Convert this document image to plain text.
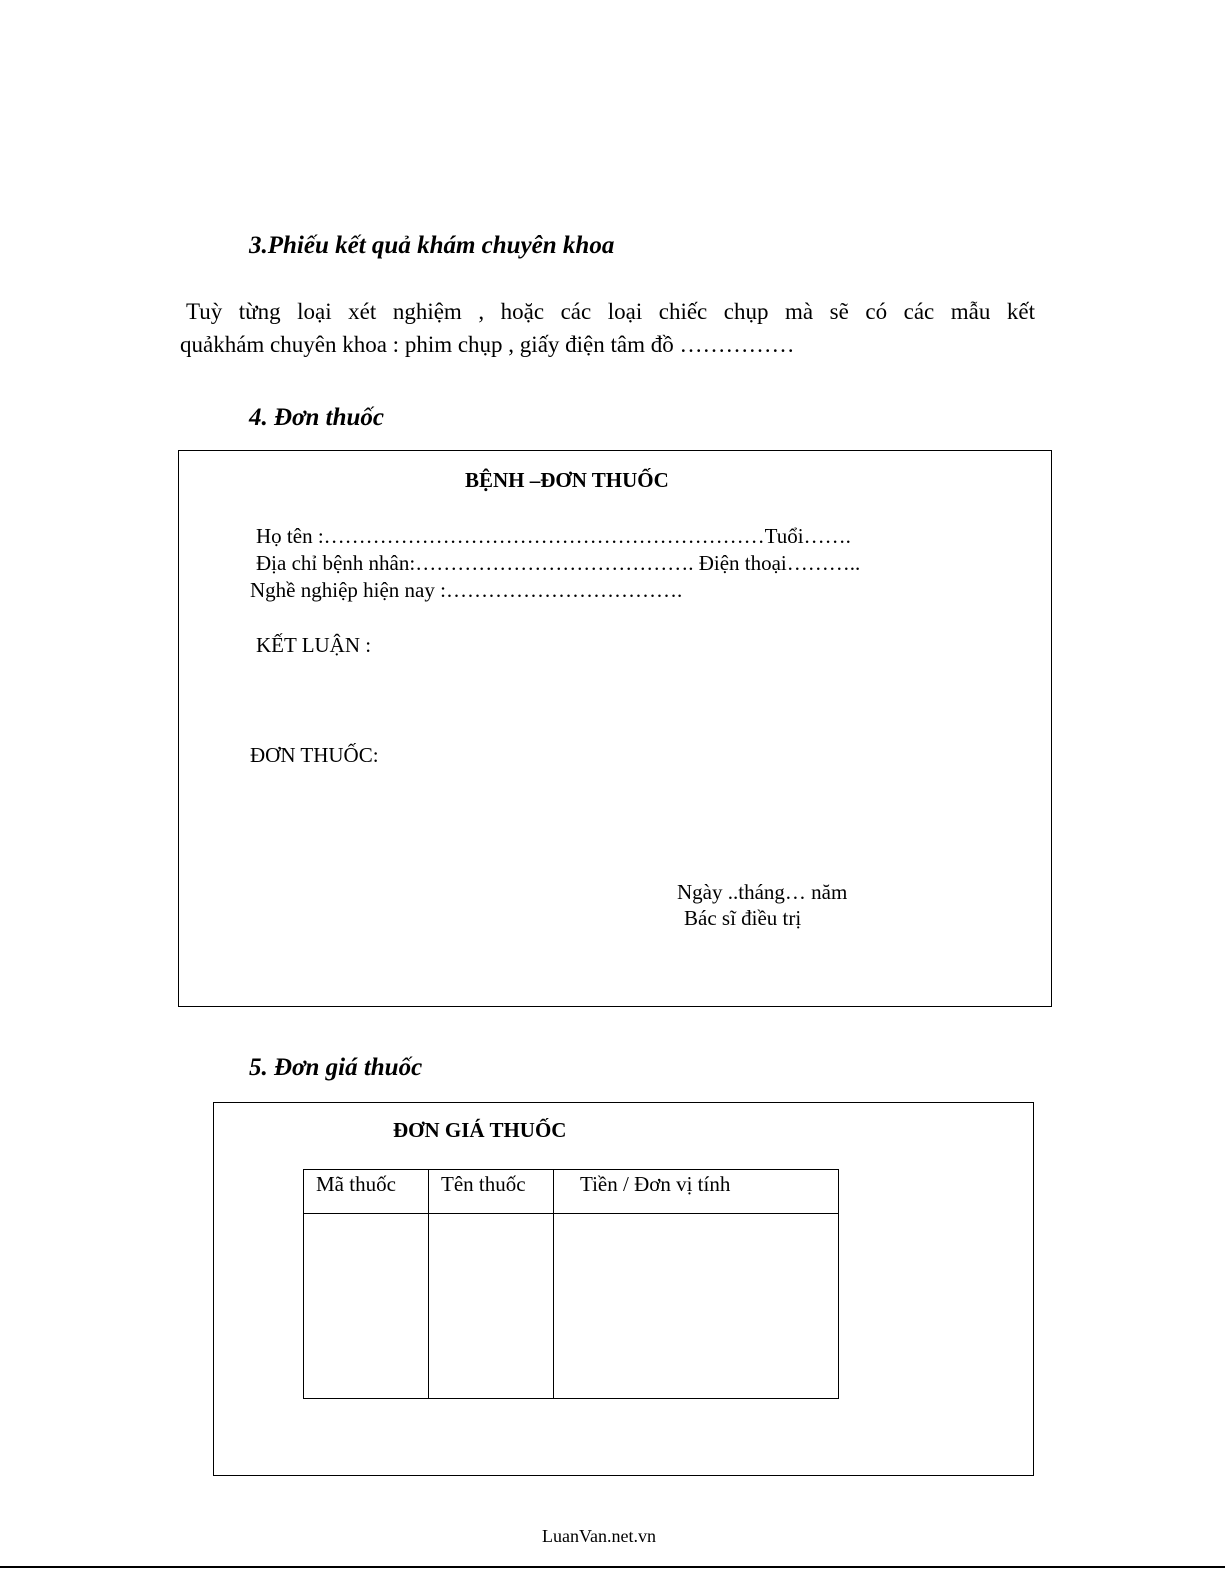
3.Phiếu kết quả khám chuyên khoa
Tuỳ từng loại xét nghiệm , hoặc các loại chiếc chụp mà sẽ có các mẫu kết
quảkhám chuyên khoa : phim chụp , giấy điện tâm đồ ……………
4. Đơn thuốc
BỆNH –ĐƠN THUỐC
Họ tên :………………………………………………………Tuổi…….
Địa chỉ bệnh nhân:…………………………………. Điện thoại………..
Nghề nghiệp hiện nay :…………………………….
KẾT LUẬN :
ĐƠN THUỐC:
Ngày ..tháng… năm
Bác sĩ điều trị
5. Đơn giá thuốc
ĐƠN GIÁ THUỐC
Mã thuốc	Tên thuốc	Tiền / Đơn vị tính

LuanVan.net.vn
